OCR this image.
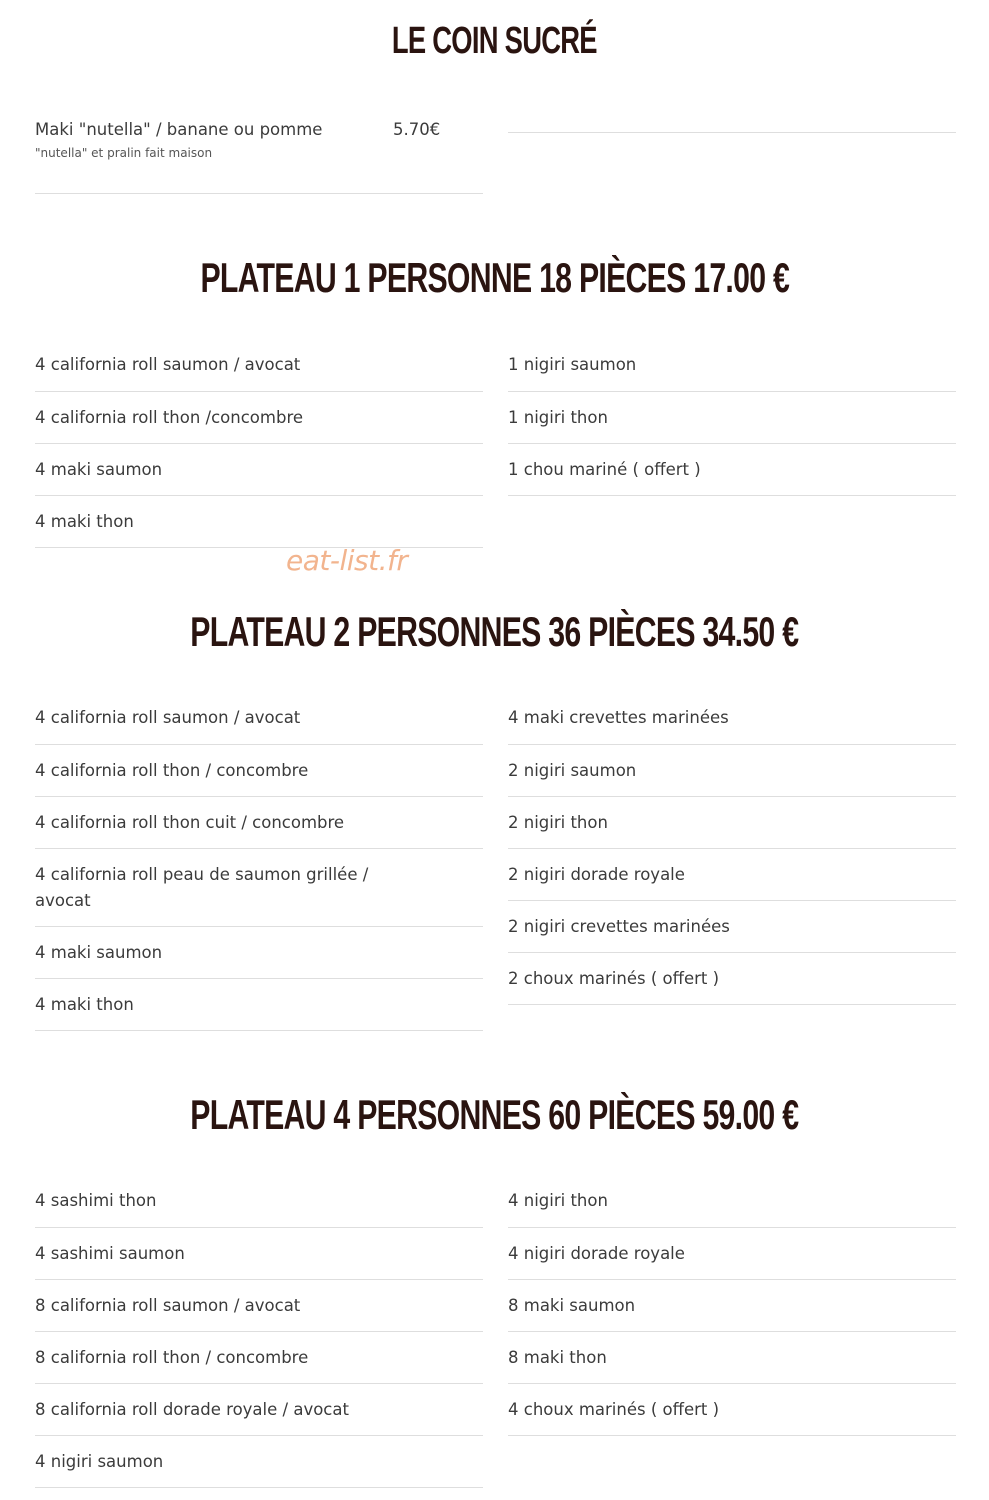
LE COIN SUCRÉ
Maki "nutella" / banane ou pomme	5.70€
"nutella" et pralin fait maison
PLATEAU 1 PERSONNE 18 PIÈCES 17.00 €
4 california roll saumon / avocat
4 california roll thon /concombre
4 maki saumon
4 maki thon
1 nigiri saumon
1 nigiri thon
1 chou mariné ( offert )
eat-list.fr
PLATEAU 2 PERSONNES 36 PIÈCES 34.50 €
4 california roll saumon / avocat
4 california roll thon / concombre
4 california roll thon cuit / concombre
4 california roll peau de saumon grillée / avocat
4 maki saumon
4 maki thon
4 maki crevettes marinées
2 nigiri saumon
2 nigiri thon
2 nigiri dorade royale
2 nigiri crevettes marinées
2 choux marinés ( offert )
PLATEAU 4 PERSONNES 60 PIÈCES 59.00 €
4 sashimi thon
4 sashimi saumon
8 california roll saumon / avocat
8 california roll thon / concombre
8 california roll dorade royale / avocat
4 nigiri saumon
4 nigiri thon
4 nigiri dorade royale
8 maki saumon
8 maki thon
4 choux marinés ( offert )
